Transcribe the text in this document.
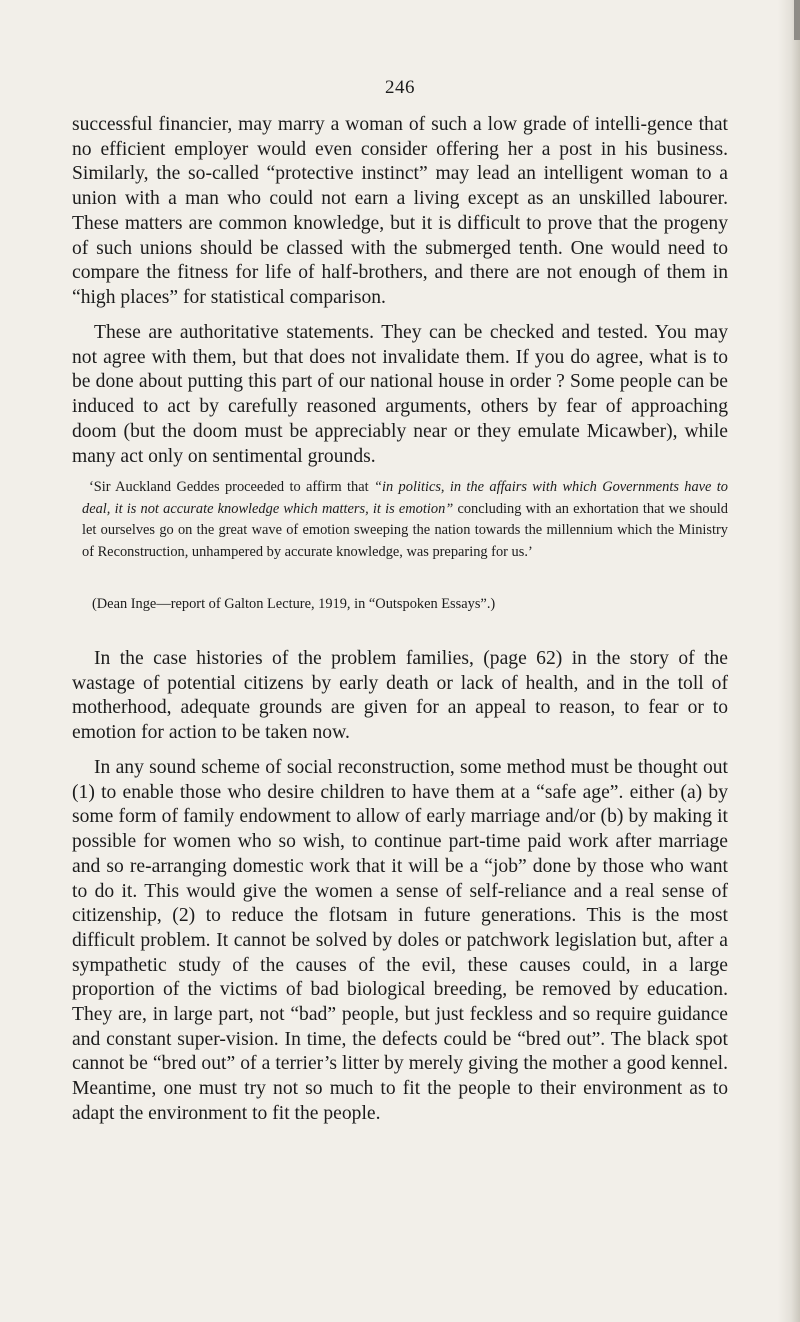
246

successful financier, may marry a woman of such a low grade of intelli-gence that no efficient employer would even consider offering her a post in his business. Similarly, the so-called “protective instinct” may lead an intelligent woman to a union with a man who could not earn a living except as an unskilled labourer. These matters are common knowledge, but it is difficult to prove that the progeny of such unions should be classed with the submerged tenth. One would need to compare the fitness for life of half-brothers, and there are not enough of them in “high places” for statistical comparison.

These are authoritative statements. They can be checked and tested. You may not agree with them, but that does not invalidate them. If you do agree, what is to be done about putting this part of our national house in order ? Some people can be induced to act by carefully reasoned arguments, others by fear of approaching doom (but the doom must be appreciably near or they emulate Micawber), while many act only on sentimental grounds.

‘Sir Auckland Geddes proceeded to affirm that “in politics, in the affairs with which Governments have to deal, it is not accurate knowledge which matters, it is emotion” concluding with an exhortation that we should let ourselves go on the great wave of emotion sweeping the nation towards the millennium which the Ministry of Reconstruction, unhampered by accurate knowledge, was preparing for us.’

(Dean Inge—report of Galton Lecture, 1919, in “Outspoken Essays”.)

In the case histories of the problem families, (page 62) in the story of the wastage of potential citizens by early death or lack of health, and in the toll of motherhood, adequate grounds are given for an appeal to reason, to fear or to emotion for action to be taken now.

In any sound scheme of social reconstruction, some method must be thought out (1) to enable those who desire children to have them at a “safe age”. either (a) by some form of family endowment to allow of early marriage and/or (b) by making it possible for women who so wish, to continue part-time paid work after marriage and so re-arranging domestic work that it will be a “job” done by those who want to do it. This would give the women a sense of self-reliance and a real sense of citizenship, (2) to reduce the flotsam in future generations. This is the most difficult problem. It cannot be solved by doles or patchwork legislation but, after a sympathetic study of the causes of the evil, these causes could, in a large proportion of the victims of bad biological breeding, be removed by education. They are, in large part, not “bad” people, but just feckless and so require guidance and constant super-vision. In time, the defects could be “bred out”. The black spot cannot be “bred out” of a terrier’s litter by merely giving the mother a good kennel. Meantime, one must try not so much to fit the people to their environment as to adapt the environment to fit the people.
